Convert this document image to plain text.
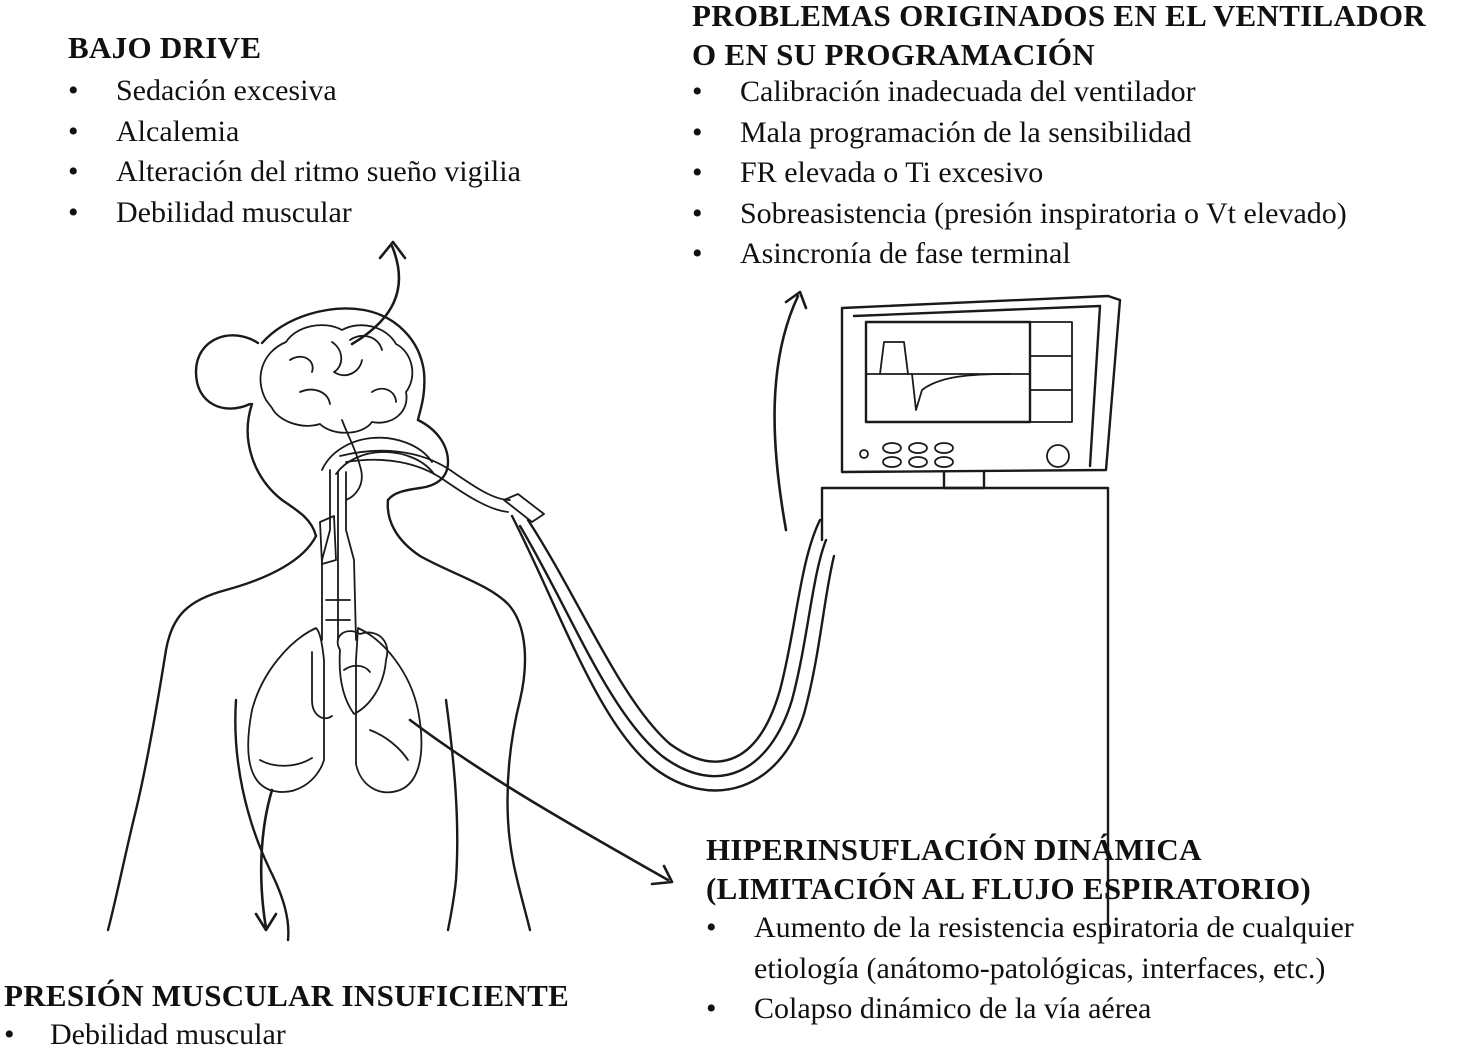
BAJO DRIVE
• Sedación excesiva
• Alcalemia
• Alteración del ritmo sueño vigilia
• Debilidad muscular
PROBLEMAS ORIGINADOS EN EL VENTILADOR
O EN SU PROGRAMACIÓN
• Calibración inadecuada del ventilador
• Mala programación de la sensibilidad
• FR elevada o Ti excesivo
• Sobreasistencia (presión inspiratoria o Vt elevado)
• Asincronía de fase terminal
HIPERINSUFLACIÓN DINÁMICA
(LIMITACIÓN AL FLUJO ESPIRATORIO)
• Aumento de la resistencia espiratoria de cualquier
etiología (anátomo-patológicas, interfaces, etc.)
• Colapso dinámico de la vía aérea
PRESIÓN MUSCULAR INSUFICIENTE
• Debilidad muscular
